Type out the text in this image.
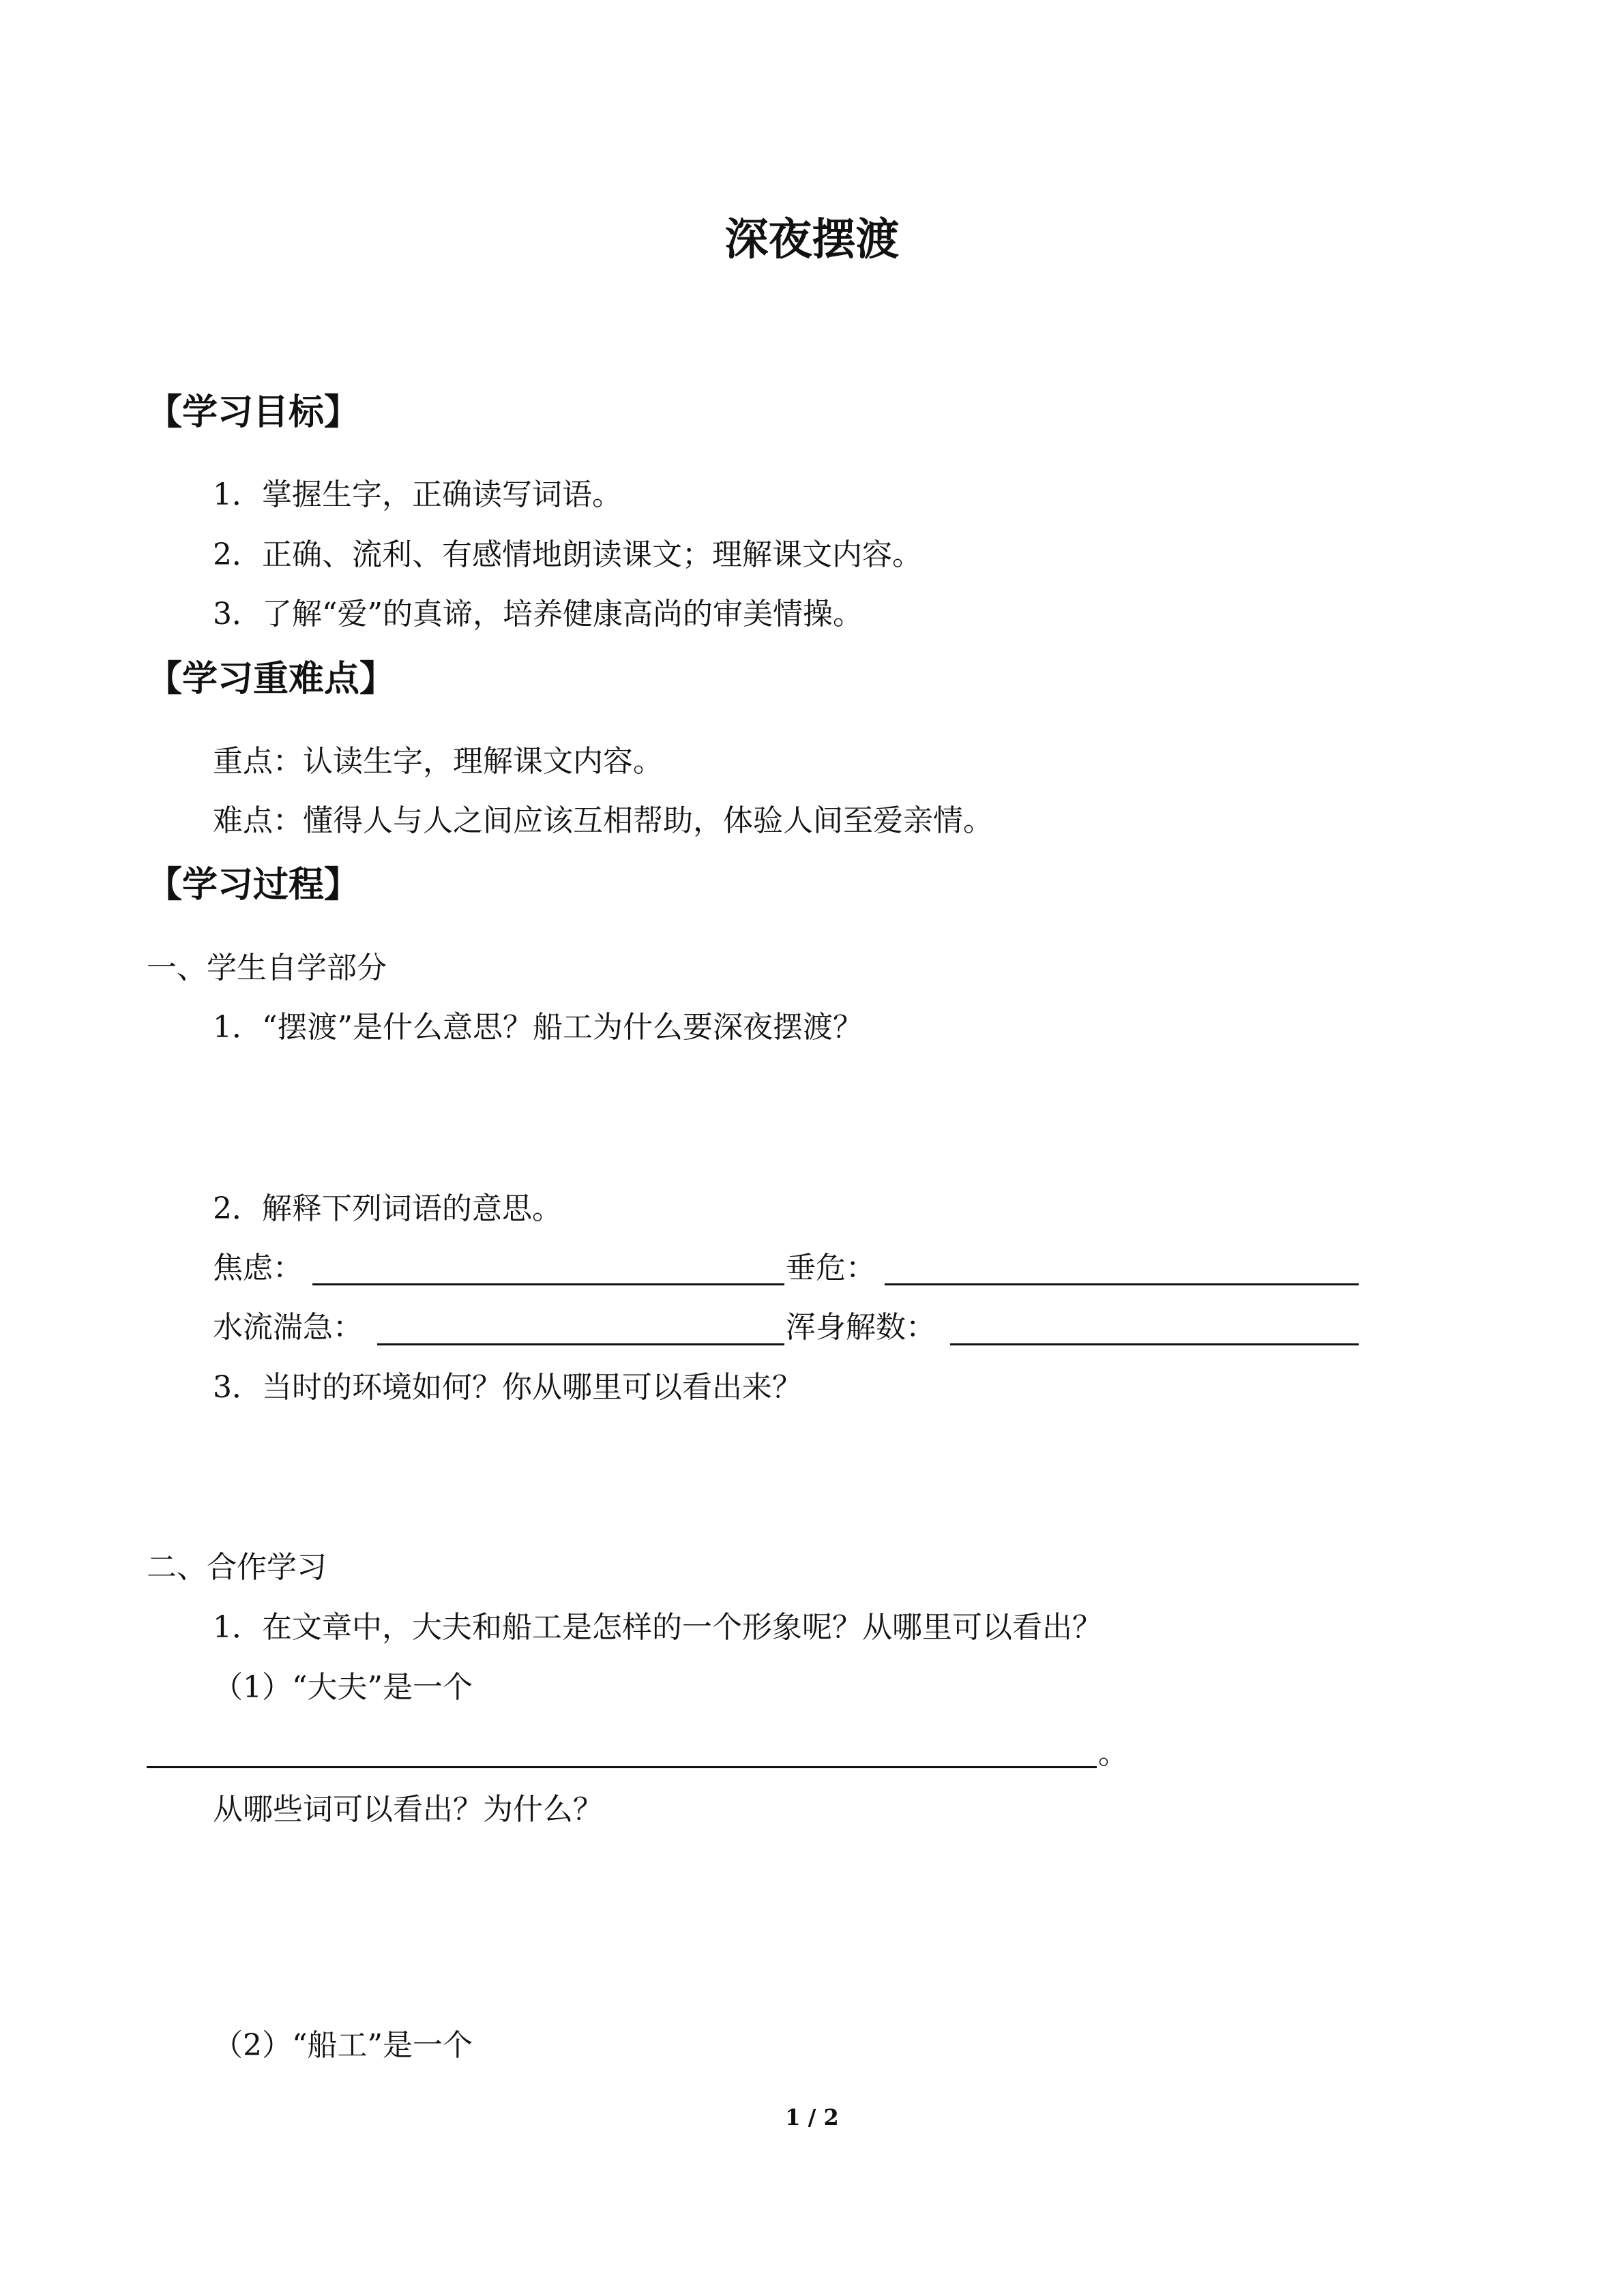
深夜摆渡
【学习目标】
1．掌握生字，正确读写词语。
2．正确、流利、有感情地朗读课文；理解课文内容。
3．了解“爱”的真谛，培养健康高尚的审美情操。
【学习重难点】
重点：认读生字，理解课文内容。
难点：懂得人与人之间应该互相帮助，体验人间至爱亲情。
【学习过程】
一、学生自学部分
1．“摆渡”是什么意思？船工为什么要深夜摆渡？
2．解释下列词语的意思。
焦虑：	垂危：
水流湍急：	浑身解数：
3．当时的环境如何？你从哪里可以看出来？
二、合作学习
1．在文章中，大夫和船工是怎样的一个形象呢？从哪里可以看出？
（1）“大夫”是一个
。
从哪些词可以看出？为什么？
（2）“船工”是一个
1 / 2
